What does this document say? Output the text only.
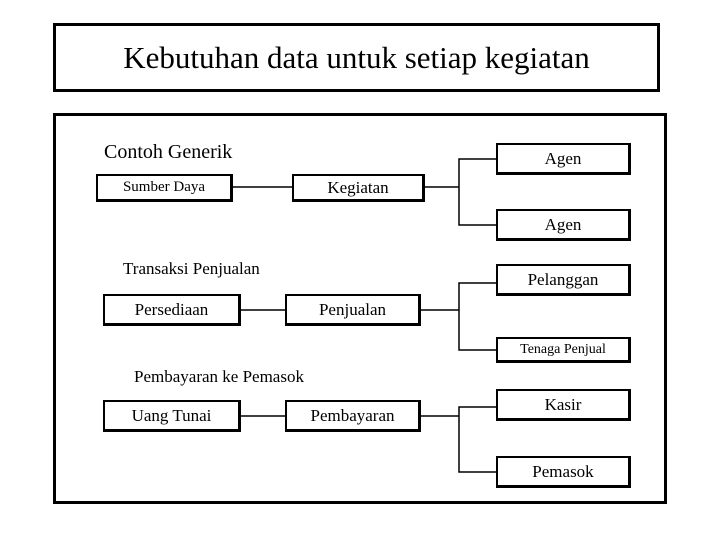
Kebutuhan data untuk setiap kegiatan
Contoh Generik
Sumber Daya	Kegiatan
Agen
Agen
Transaksi Penjualan
Persediaan	Penjualan
Pelanggan
Tenaga Penjual
Pembayaran ke Pemasok
Uang Tunai	Pembayaran
Kasir
Pemasok
